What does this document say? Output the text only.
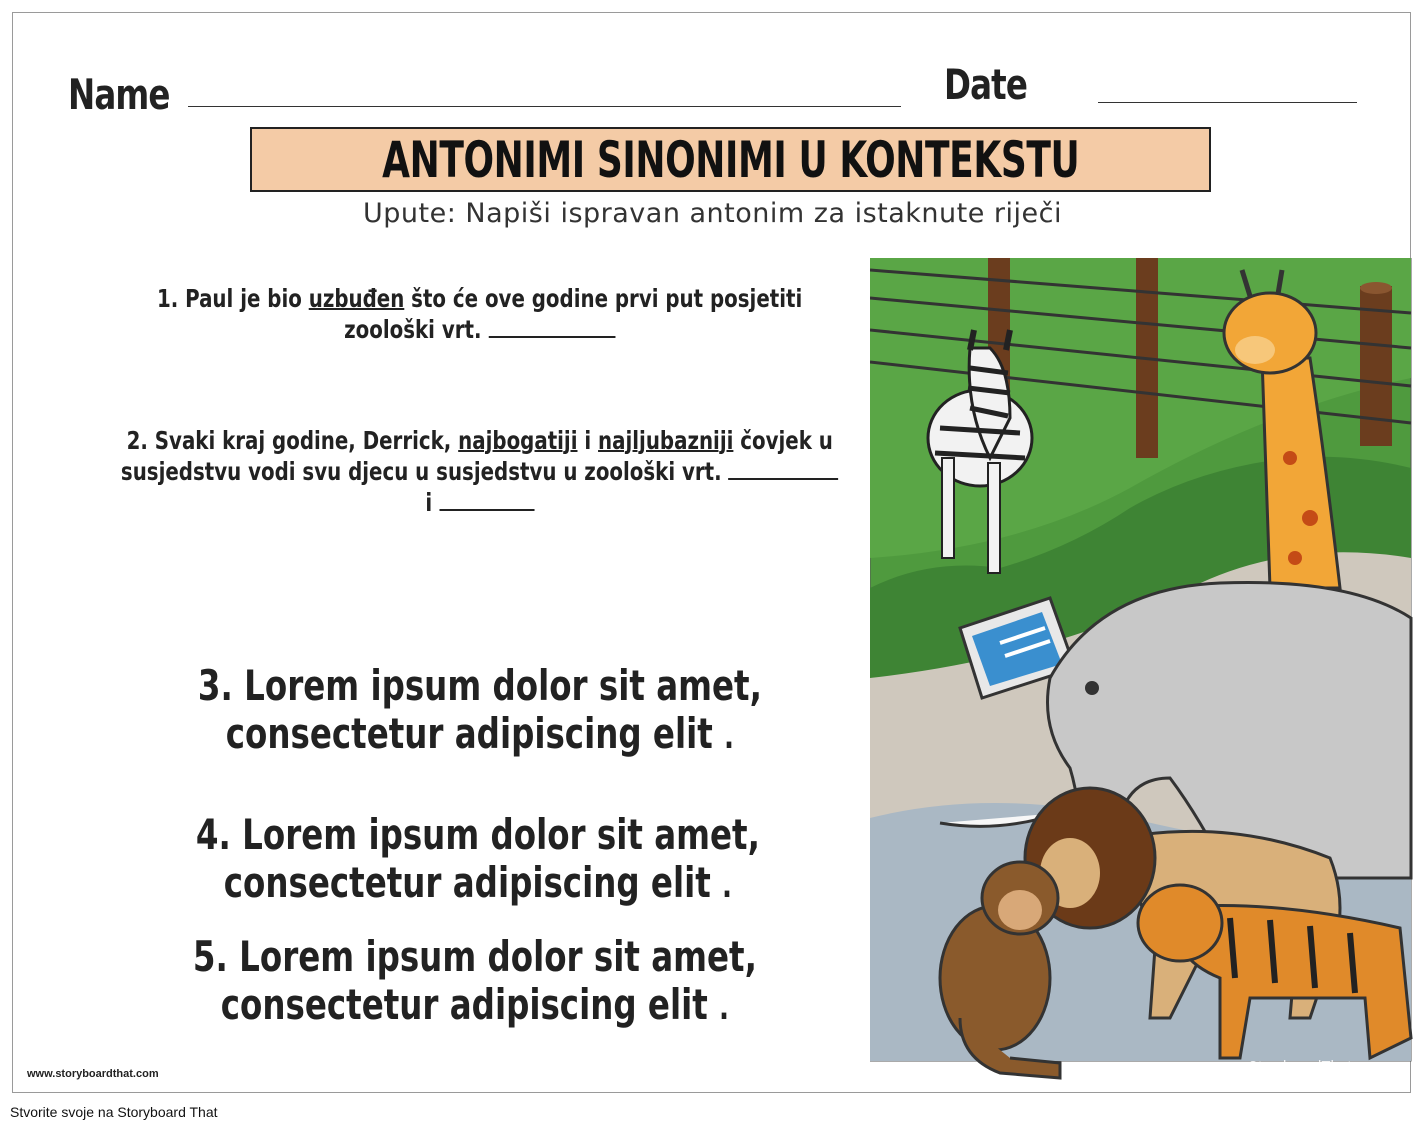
Name	Date
ANTONIMI SINONIMI U KONTEKSTU
Upute: Napiši ispravan antonim za istaknute riječi
1. Paul je bio uzbuđen što će ove godine prvi put posjetiti
zoološki vrt.
2. Svaki kraj godine, Derrick, najbogatiji i najljubazniji čovjek u
susjedstvu vodi svu djecu u susjedstvu u zoološki vrt.
i
3. Lorem ipsum dolor sit amet,
consectetur adipiscing elit .
4. Lorem ipsum dolor sit amet,
consectetur adipiscing elit .
5. Lorem ipsum dolor sit amet,
consectetur adipiscing elit .
StoryboardThat
www.storyboardthat.com
Stvorite svoje na Storyboard That
